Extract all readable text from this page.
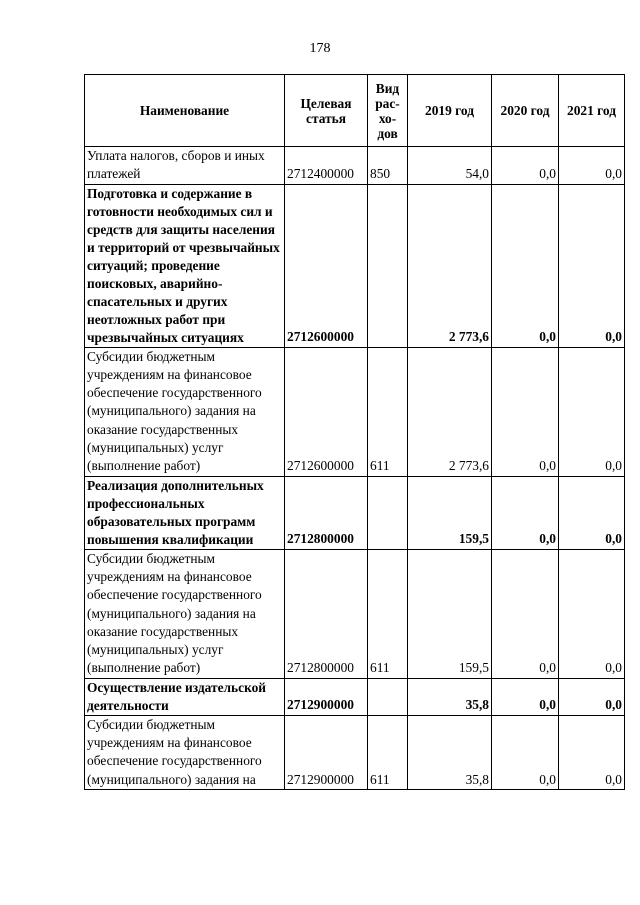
178
Наименование	Целевая статья	Вид рас-хо-дов	2019 год	2020 год	2021 год
Уплата налогов, сборов и иных платежей	2712400000	850	54,0	0,0	0,0
Подготовка и содержание в готовности необходимых сил и средств для защиты населения и территорий от чрезвычайных ситуаций; проведение поисковых, аварийно-спасательных и других неотложных работ при чрезвычайных ситуациях	2712600000		2 773,6	0,0	0,0
Субсидии бюджетным учреждениям на финансовое обеспечение государственного (муниципального) задания на оказание государственных (муниципальных) услуг (выполнение работ)	2712600000	611	2 773,6	0,0	0,0
Реализация дополнительных профессиональных образовательных программ повышения квалификации	2712800000		159,5	0,0	0,0
Субсидии бюджетным учреждениям на финансовое обеспечение государственного (муниципального) задания на оказание государственных (муниципальных) услуг (выполнение работ)	2712800000	611	159,5	0,0	0,0
Осуществление издательской деятельности	2712900000		35,8	0,0	0,0
Субсидии бюджетным учреждениям на финансовое обеспечение государственного (муниципального) задания на	2712900000	611	35,8	0,0	0,0
